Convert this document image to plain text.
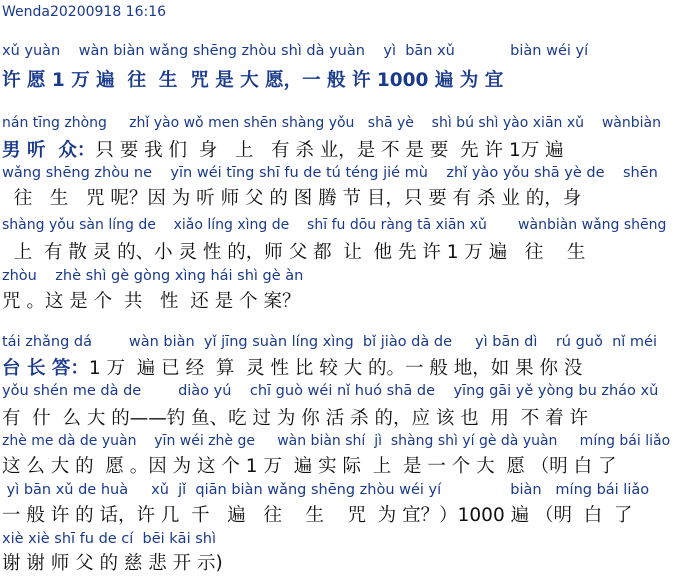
Wenda20200918 16:16
xǔ yuàn    wàn biàn wǎng shēng zhòu shì dà yuàn    yì  bān xǔ            biàn wéi yí
许 愿 1 万 遍  往  生  咒 是 大 愿，一 般 许 1000 遍 为 宜
nán tīng zhòng     zhǐ yào wǒ men shēn shàng yǒu   shā yè    shì bú shì yào xiān xǔ    wànbiàn
男 听  众：只 要 我 们  身   上   有 杀 业，是 不 是 要  先 许 1万 遍
wǎng shēng zhòu ne    yīn wéi tīng shī fu de tú téng jié mù    zhǐ yào yǒu shā yè de    shēn
往   生   咒 呢？因 为 听 师 父 的 图 腾 节 目，只 要 有 杀 业 的，身
shàng yǒu sàn líng de    xiǎo líng xìng de    shī fu dōu ràng tā xiān xǔ       wànbiàn wǎng shēng
上  有 散 灵 的、小 灵 性 的，师 父 都  让  他 先 许 1 万 遍   往    生
zhòu    zhè shì gè gòng xìng hái shì gè àn
咒 。这 是 个  共   性  还 是 个 案？
tái zhǎng dá        wàn biàn  yǐ jīng suàn líng xìng  bǐ jiào dà de     yì bān dì    rú guǒ  nǐ méi
台 长 答：1 万  遍 已 经  算  灵 性 比 较 大 的。一 般 地，如 果 你 没
yǒu shén me dà de        diào yú    chī guò wéi nǐ huó shā de    yīng gāi yě yòng bu zháo xǔ
有  什  么 大 的——钓 鱼、吃 过 为 你 活 杀 的，应 该 也  用  不 着 许
zhè me dà de yuàn    yīn wéi zhè ge     wàn biàn shí  jì  shàng shì yí gè dà yuàn     míng bái liǎo
这 么 大 的  愿 。因 为 这 个 1 万  遍 实 际  上  是 一 个 大  愿 （明 白 了
yì bān xǔ de huà     xǔ  jǐ  qiān biàn wǎng shēng zhòu wéi yí               biàn   míng bái liǎo
一 般 许 的 话，许 几  千   遍   往    生    咒  为 宜？）1000 遍 （明  白  了
xiè xiè shī fu de cí  bēi kāi shì
谢 谢 师 父 的 慈 悲 开 示)
